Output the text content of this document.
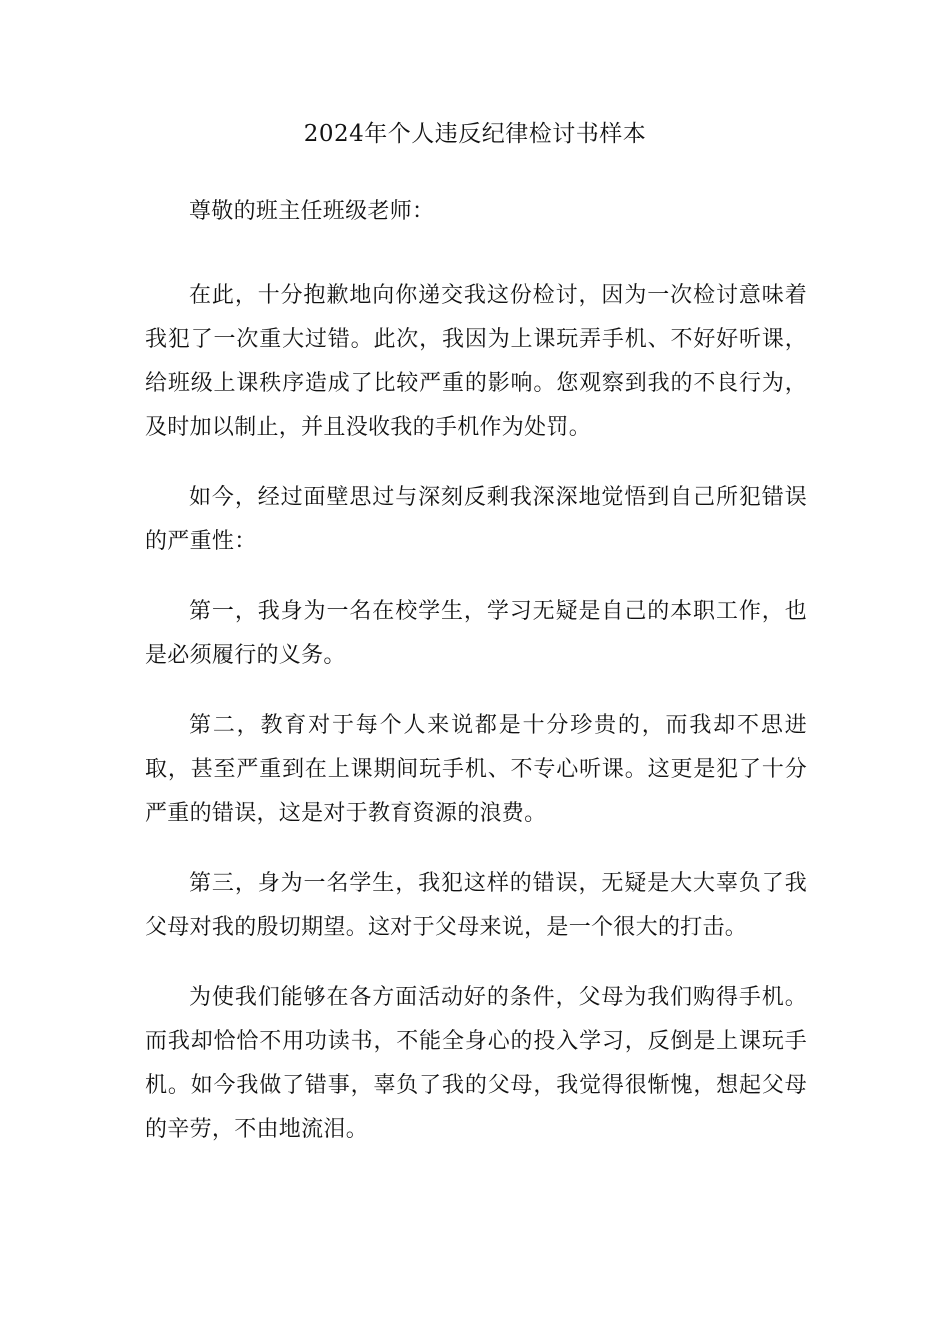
2024年个人违反纪律检讨书样本

尊敬的班主任班级老师：

在此，十分抱歉地向你递交我这份检讨，因为一次检讨意味着我犯了一次重大过错。此次，我因为上课玩弄手机、不好好听课，给班级上课秩序造成了比较严重的影响。您观察到我的不良行为，及时加以制止，并且没收我的手机作为处罚。

如今，经过面壁思过与深刻反剩我深深地觉悟到自己所犯错误的严重性：

第一，我身为一名在校学生，学习无疑是自己的本职工作，也是必须履行的义务。

第二，教育对于每个人来说都是十分珍贵的，而我却不思进取，甚至严重到在上课期间玩手机、不专心听课。这更是犯了十分严重的错误，这是对于教育资源的浪费。

第三，身为一名学生，我犯这样的错误，无疑是大大辜负了我父母对我的殷切期望。这对于父母来说，是一个很大的打击。

为使我们能够在各方面活动好的条件，父母为我们购得手机。而我却恰恰不用功读书，不能全身心的投入学习，反倒是上课玩手机。如今我做了错事，辜负了我的父母，我觉得很惭愧，想起父母的辛劳，不由地流泪。
